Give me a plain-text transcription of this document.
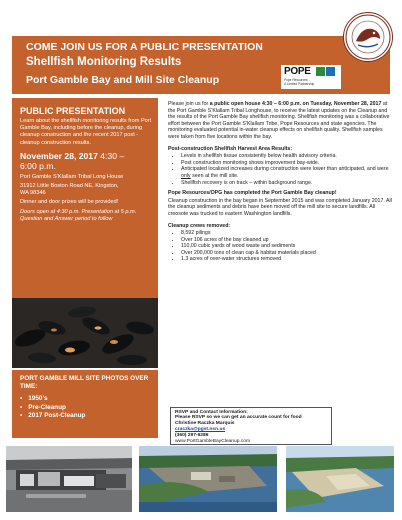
COME JOIN US FOR A PUBLIC PRESENTATION
Shellfish Monitoring Results
Port Gamble Bay and Mill Site Cleanup
POPE
Pope Resources
A Limited Partnership
PUBLIC PRESENTATION
Learn about the shellfish monitoring results from Port Gamble Bay, including before the cleanup, during cleanup construction and the recent 2017 post - cleanup construction results.
November 28, 2017 4:30 –
6:00 p.m.
Port Gamble S’Klallam Tribal Long House
31912 Little Boston Road NE, Kingston,
WA 98346
Dinner and door prizes will be provided!
Doors open at 4:30 p.m. Presentation at 5 p.m.
Question and Answer period to follow
PORT GAMBLE MILL SITE PHOTOS OVER TIME:
• 1950’s
• Pre-Cleanup
• 2017 Post-Cleanup

Please join us for a public open house 4:30 – 6:00 p.m. on Tuesday, November 28, 2017 at the Port Gamble S’Klallam Tribal Longhouse, to receive the latest updates on the Cleanup and the results of the Port Gamble Bay shellfish monitoring. Shellfish monitoring was a collaborative effort between the Port Gamble S’Klallam Tribe, Pope Resources and state agencies. The monitoring evaluated potential in-water cleanup effects on shellfish quality. Shellfish samples were taken from five locations within the bay.

Post-construction Shellfish Harvest Area Results:
• Levels in shellfish tissue consistently below health advisory criteria.
• Post construction monitoring shows improvement bay-wide.
• Anticipated localized increases during construction were lower than anticipated, and were only seen at the mill site.
• Shellfish recovery is on track – within background range.
Pope Resources/OPG has completed the Port Gamble Bay cleanup!

Cleanup construction in the bay began in September 2015 and was completed January 2017. All the cleanup sediments and debris have been moved off the mill site to secure landfills. All creosote was trucked to eastern Washington landfills.

Cleanup crews removed:
• 8,592 pilings
• Over 106 acres of the bay cleaned up
• 110,00 cubic yards of wood waste and sediments
• Over 200,000 tons of clean cap & habitat materials placed
• 1.3 acres of over-water structures removed
RSVP and Contact Information:
Please RSVP so we can get an accurate count for food
Christine Raczka Marquis
craczka@pgst.nsn.us
(360) 297-6286
www.PortGambleBayCleanup.com
